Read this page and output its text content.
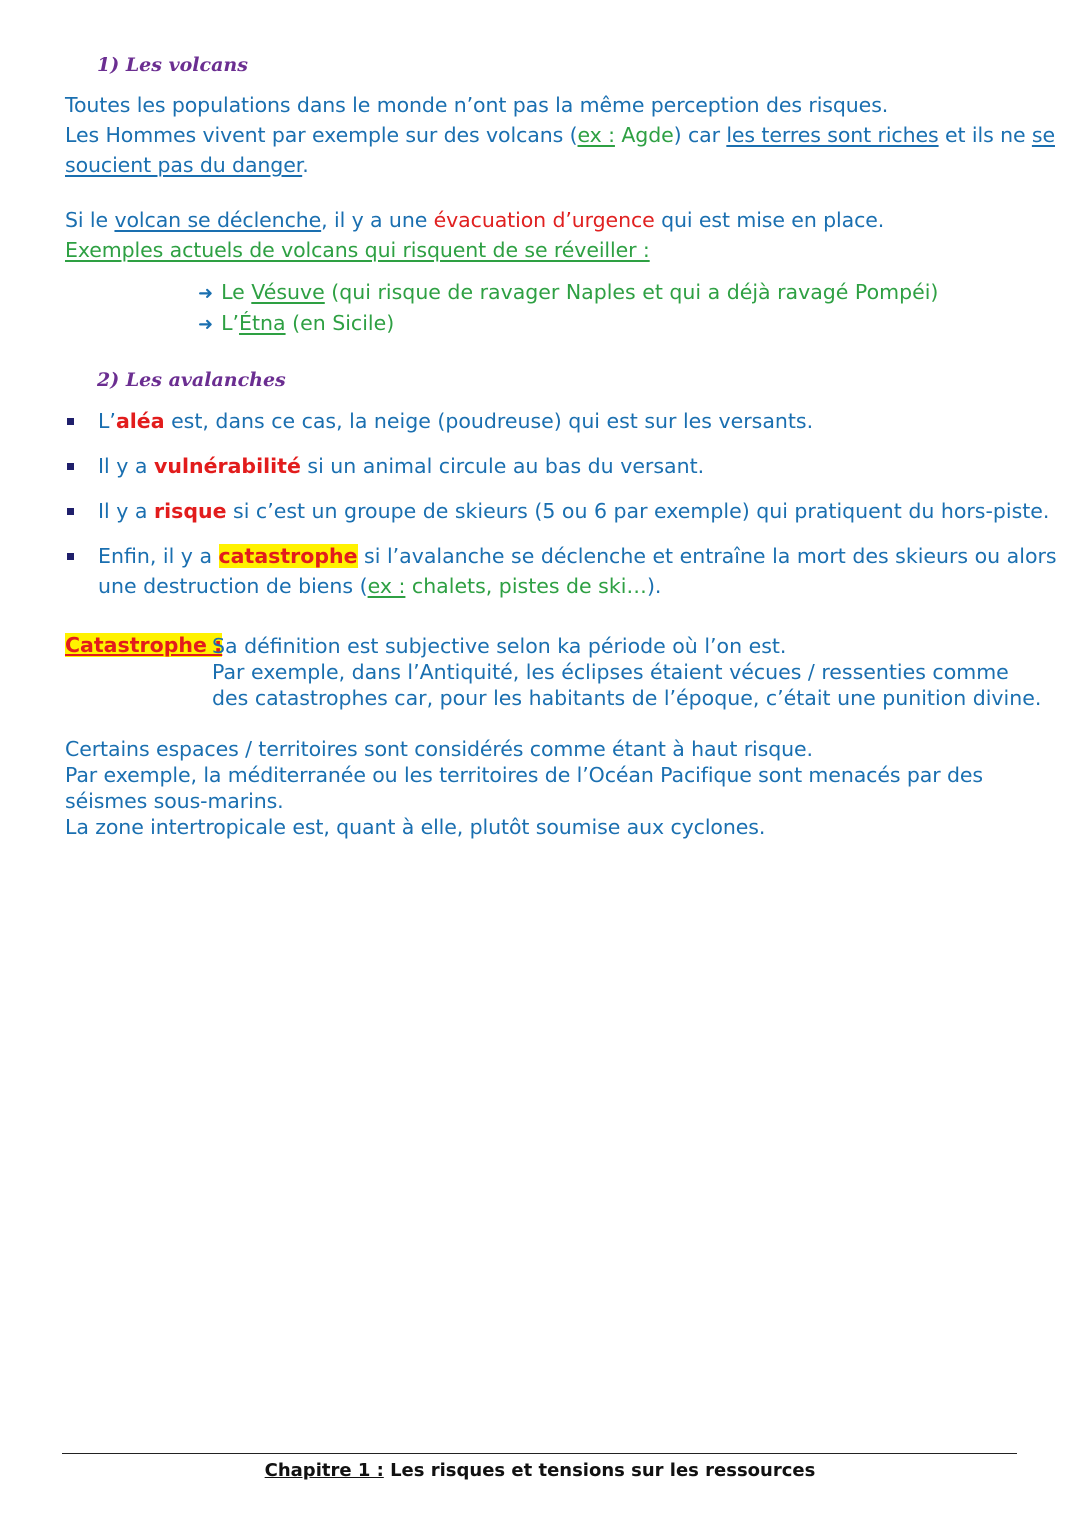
1) Les volcans
Toutes les populations dans le monde n’ont pas la même perception des risques.
Les Hommes vivent par exemple sur des volcans (ex : Agde) car les terres sont riches et ils ne se
soucient pas du danger.
Si le volcan se déclenche, il y a une évacuation d’urgence qui est mise en place.
Exemples actuels de volcans qui risquent de se réveiller :
➜ Le Vésuve (qui risque de ravager Naples et qui a déjà ravagé Pompéi)
➜ L’Étna (en Sicile)
2) Les avalanches
L’aléa est, dans ce cas, la neige (poudreuse) qui est sur les versants.
Il y a vulnérabilité si un animal circule au bas du versant.
Il y a risque si c’est un groupe de skieurs (5 ou 6 par exemple) qui pratiquent du hors-piste.
Enfin, il y a catastrophe si l’avalanche se déclenche et entraîne la mort des skieurs ou alors
une destruction de biens (ex : chalets, pistes de ski…).
Catastrophe :
Sa définition est subjective selon ka période où l’on est.
Par exemple, dans l’Antiquité, les éclipses étaient vécues / ressenties comme
des catastrophes car, pour les habitants de l’époque, c’était une punition divine.
Certains espaces / territoires sont considérés comme étant à haut risque.
Par exemple, la méditerranée ou les territoires de l’Océan Pacifique sont menacés par des
séismes sous-marins.
La zone intertropicale est, quant à elle, plutôt soumise aux cyclones.
Chapitre 1 : Les risques et tensions sur les ressources
